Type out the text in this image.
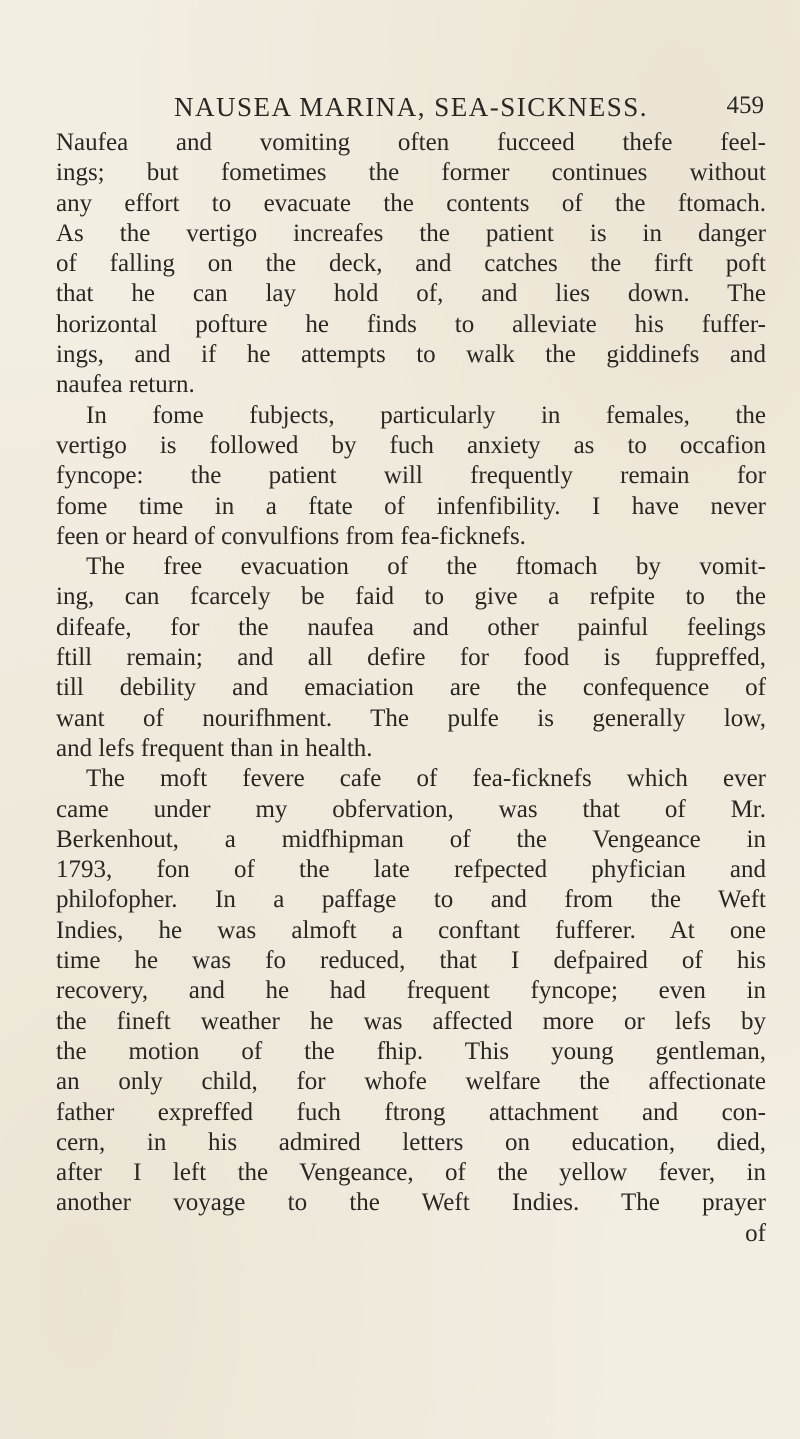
NAUSEA MARINA, SEA-SICKNESS.	459
Naufea and vomiting often fucceed thefe feel-
ings; but fometimes the former continues without
any effort to evacuate the contents of the ftomach.
As the vertigo increafes the patient is in danger
of falling on the deck, and catches the firft poft
that he can lay hold of, and lies down. The
horizontal pofture he finds to alleviate his fuffer-
ings, and if he attempts to walk the giddinefs and
naufea return.
In fome fubjects, particularly in females, the
vertigo is followed by fuch anxiety as to occafion
fyncope: the patient will frequently remain for
fome time in a ftate of infenfibility. I have never
feen or heard of convulfions from fea-ficknefs.
The free evacuation of the ftomach by vomit-
ing, can fcarcely be faid to give a refpite to the
difeafe, for the naufea and other painful feelings
ftill remain; and all defire for food is fuppreffed,
till debility and emaciation are the confequence of
want of nourifhment. The pulfe is generally low,
and lefs frequent than in health.
The moft fevere cafe of fea-ficknefs which ever
came under my obfervation, was that of Mr.
Berkenhout, a midfhipman of the Vengeance in
1793, fon of the late refpected phyfician and
philofopher. In a paffage to and from the Weft
Indies, he was almoft a conftant fufferer. At one
time he was fo reduced, that I defpaired of his
recovery, and he had frequent fyncope; even in
the fineft weather he was affected more or lefs by
the motion of the fhip. This young gentleman,
an only child, for whofe welfare the affectionate
father expreffed fuch ftrong attachment and con-
cern, in his admired letters on education, died,
after I left the Vengeance, of the yellow fever, in
another voyage to the Weft Indies. The prayer
of
